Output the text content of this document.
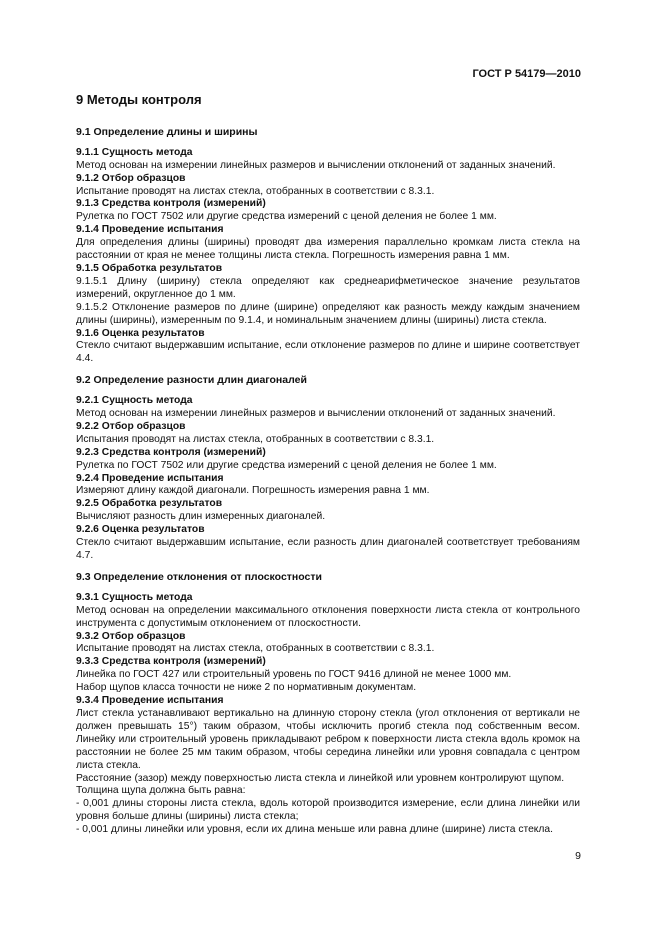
ГОСТ Р 54179—2010
9 Методы контроля
9.1 Определение длины и ширины
9.1.1 Сущность метода

Метод основан на измерении линейных размеров и вычислении отклонений от заданных значений.

9.1.2 Отбор образцов

Испытание проводят на листах стекла, отобранных в соответствии с 8.3.1.

9.1.3 Средства контроля (измерений)

Рулетка по ГОСТ 7502 или другие средства измерений с ценой деления не более 1 мм.

9.1.4 Проведение испытания

Для определения длины (ширины) проводят два измерения параллельно кромкам листа стекла на расстоянии от края не менее толщины листа стекла. Погрешность измерения равна 1 мм.

9.1.5 Обработка результатов

9.1.5.1 Длину (ширину) стекла определяют как среднеарифметическое значение результатов измерений, округленное до 1 мм.

9.1.5.2 Отклонение размеров по длине (ширине) определяют как разность между каждым значением длины (ширины), измеренным по 9.1.4, и номинальным значением длины (ширины) листа стекла.

9.1.6 Оценка результатов

Стекло считают выдержавшим испытание, если отклонение размеров по длине и ширине соответствует 4.4.

9.2 Определение разности длин диагоналей
9.2.1 Сущность метода

Метод основан на измерении линейных размеров и вычислении отклонений от заданных значений.

9.2.2 Отбор образцов

Испытания проводят на листах стекла, отобранных в соответствии с 8.3.1.

9.2.3 Средства контроля (измерений)

Рулетка по ГОСТ 7502 или другие средства измерений с ценой деления не более 1 мм.

9.2.4 Проведение испытания

Измеряют длину каждой диагонали. Погрешность измерения равна 1 мм.

9.2.5 Обработка результатов

Вычисляют разность длин измеренных диагоналей.

9.2.6 Оценка результатов

Стекло считают выдержавшим испытание, если разность длин диагоналей соответствует требованиям 4.7.

9.3 Определение отклонения от плоскостности
9.3.1 Сущность метода

Метод основан на определении максимального отклонения поверхности листа стекла от контрольного инструмента с допустимым отклонением от плоскостности.

9.3.2 Отбор образцов

Испытание проводят на листах стекла, отобранных в соответствии с 8.3.1.

9.3.3 Средства контроля (измерений)

Линейка по ГОСТ 427 или строительный уровень по ГОСТ 9416 длиной не менее 1000 мм.

Набор щупов класса точности не ниже 2 по нормативным документам.

9.3.4 Проведение испытания

Лист стекла устанавливают вертикально на длинную сторону стекла (угол отклонения от вертикали не должен превышать 15°) таким образом, чтобы исключить прогиб стекла под собственным весом. Линейку или строительный уровень прикладывают ребром к поверхности листа стекла вдоль кромок на расстоянии не более 25 мм таким образом, чтобы середина линейки или уровня совпадала с центром листа стекла.

Расстояние (зазор) между поверхностью листа стекла и линейкой или уровнем контролируют щупом.

Толщина щупа должна быть равна:

- 0,001 длины стороны листа стекла, вдоль которой производится измерение, если длина линейки или уровня больше длины (ширины) листа стекла;

- 0,001 длины линейки или уровня, если их длина меньше или равна длине (ширине) листа стекла.

9
